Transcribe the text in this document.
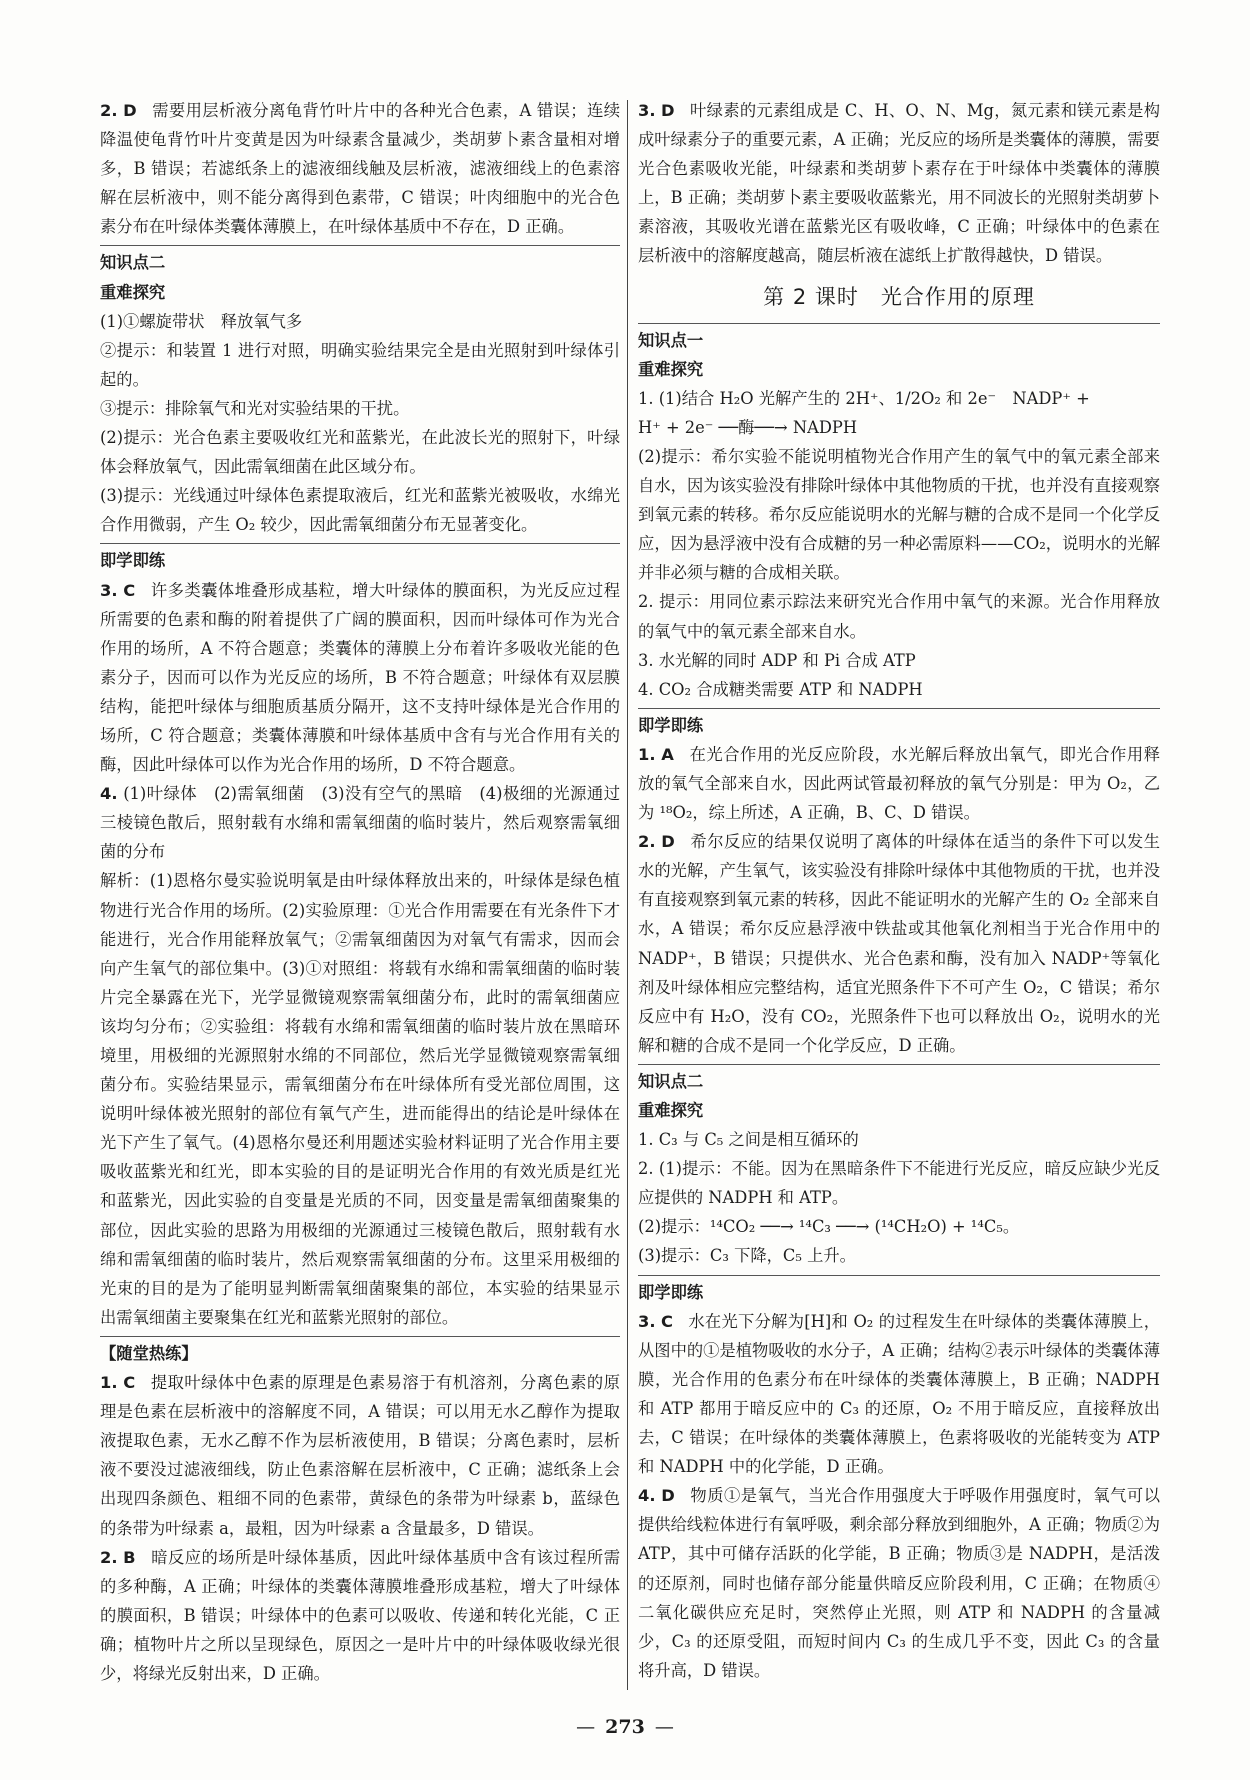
2. D 需要用层析液分离龟背竹叶片中的各种光合色素，A 错误；连续降温使龟背竹叶片变黄是因为叶绿素含量减少，类胡萝卜素含量相对增多，B 错误；若滤纸条上的滤液细线触及层析液，滤液细线上的色素溶解在层析液中，则不能分离得到色素带，C 错误；叶肉细胞中的光合色素分布在叶绿体类囊体薄膜上，在叶绿体基质中不存在，D 正确。

知识点二

重难探究

(1)①螺旋带状　释放氧气多

②提示：和装置 1 进行对照，明确实验结果完全是由光照射到叶绿体引起的。

③提示：排除氧气和光对实验结果的干扰。

(2)提示：光合色素主要吸收红光和蓝紫光，在此波长光的照射下，叶绿体会释放氧气，因此需氧细菌在此区域分布。

(3)提示：光线通过叶绿体色素提取液后，红光和蓝紫光被吸收，水绵光合作用微弱，产生 O₂ 较少，因此需氧细菌分布无显著变化。

即学即练

3. C 许多类囊体堆叠形成基粒，增大叶绿体的膜面积，为光反应过程所需要的色素和酶的附着提供了广阔的膜面积，因而叶绿体可作为光合作用的场所，A 不符合题意；类囊体的薄膜上分布着许多吸收光能的色素分子，因而可以作为光反应的场所，B 不符合题意；叶绿体有双层膜结构，能把叶绿体与细胞质基质分隔开，这不支持叶绿体是光合作用的场所，C 符合题意；类囊体薄膜和叶绿体基质中含有与光合作用有关的酶，因此叶绿体可以作为光合作用的场所，D 不符合题意。

4. (1)叶绿体　(2)需氧细菌　(3)没有空气的黑暗　(4)极细的光源通过三棱镜色散后，照射载有水绵和需氧细菌的临时装片，然后观察需氧细菌的分布

解析：(1)恩格尔曼实验说明氧是由叶绿体释放出来的，叶绿体是绿色植物进行光合作用的场所。(2)实验原理：①光合作用需要在有光条件下才能进行，光合作用能释放氧气；②需氧细菌因为对氧气有需求，因而会向产生氧气的部位集中。(3)①对照组：将载有水绵和需氧细菌的临时装片完全暴露在光下，光学显微镜观察需氧细菌分布，此时的需氧细菌应该均匀分布；②实验组：将载有水绵和需氧细菌的临时装片放在黑暗环境里，用极细的光源照射水绵的不同部位，然后光学显微镜观察需氧细菌分布。实验结果显示，需氧细菌分布在叶绿体所有受光部位周围，这说明叶绿体被光照射的部位有氧气产生，进而能得出的结论是叶绿体在光下产生了氧气。(4)恩格尔曼还利用题述实验材料证明了光合作用主要吸收蓝紫光和红光，即本实验的目的是证明光合作用的有效光质是红光和蓝紫光，因此实验的自变量是光质的不同，因变量是需氧细菌聚集的部位，因此实验的思路为用极细的光源通过三棱镜色散后，照射载有水绵和需氧细菌的临时装片，然后观察需氧细菌的分布。这里采用极细的光束的目的是为了能明显判断需氧细菌聚集的部位，本实验的结果显示出需氧细菌主要聚集在红光和蓝紫光照射的部位。

【随堂热练】

1. C 提取叶绿体中色素的原理是色素易溶于有机溶剂，分离色素的原理是色素在层析液中的溶解度不同，A 错误；可以用无水乙醇作为提取液提取色素，无水乙醇不作为层析液使用，B 错误；分离色素时，层析液不要没过滤液细线，防止色素溶解在层析液中，C 正确；滤纸条上会出现四条颜色、粗细不同的色素带，黄绿色的条带为叶绿素 b，蓝绿色的条带为叶绿素 a，最粗，因为叶绿素 a 含量最多，D 错误。

2. B 暗反应的场所是叶绿体基质，因此叶绿体基质中含有该过程所需的多种酶，A 正确；叶绿体的类囊体薄膜堆叠形成基粒，增大了叶绿体的膜面积，B 错误；叶绿体中的色素可以吸收、传递和转化光能，C 正确；植物叶片之所以呈现绿色，原因之一是叶片中的叶绿体吸收绿光很少，将绿光反射出来，D 正确。

3. D 叶绿素的元素组成是 C、H、O、N、Mg，氮元素和镁元素是构成叶绿素分子的重要元素，A 正确；光反应的场所是类囊体的薄膜，需要光合色素吸收光能，叶绿素和类胡萝卜素存在于叶绿体中类囊体的薄膜上，B 正确；类胡萝卜素主要吸收蓝紫光，用不同波长的光照射类胡萝卜素溶液，其吸收光谱在蓝紫光区有吸收峰，C 正确；叶绿体中的色素在层析液中的溶解度越高，随层析液在滤纸上扩散得越快，D 错误。

第 2 课时　光合作用的原理

知识点一

重难探究

1. (1)结合 H₂O 光解产生的 2H⁺、1/2O₂ 和 2e⁻　NADP⁺ +

H⁺ + 2e⁻ ──酶──→ NADPH

(2)提示：希尔实验不能说明植物光合作用产生的氧气中的氧元素全部来自水，因为该实验没有排除叶绿体中其他物质的干扰，也并没有直接观察到氧元素的转移。希尔反应能说明水的光解与糖的合成不是同一个化学反应，因为悬浮液中没有合成糖的另一种必需原料——CO₂，说明水的光解并非必须与糖的合成相关联。

2. 提示：用同位素示踪法来研究光合作用中氧气的来源。光合作用释放的氧气中的氧元素全部来自水。

3. 水光解的同时 ADP 和 Pi 合成 ATP

4. CO₂ 合成糖类需要 ATP 和 NADPH

即学即练

1. A 在光合作用的光反应阶段，水光解后释放出氧气，即光合作用释放的氧气全部来自水，因此两试管最初释放的氧气分别是：甲为 O₂，乙为 ¹⁸O₂，综上所述，A 正确，B、C、D 错误。

2. D 希尔反应的结果仅说明了离体的叶绿体在适当的条件下可以发生水的光解，产生氧气，该实验没有排除叶绿体中其他物质的干扰，也并没有直接观察到氧元素的转移，因此不能证明水的光解产生的 O₂ 全部来自水，A 错误；希尔反应悬浮液中铁盐或其他氧化剂相当于光合作用中的 NADP⁺，B 错误；只提供水、光合色素和酶，没有加入 NADP⁺等氧化剂及叶绿体相应完整结构，适宜光照条件下不可产生 O₂，C 错误；希尔反应中有 H₂O，没有 CO₂，光照条件下也可以释放出 O₂，说明水的光解和糖的合成不是同一个化学反应，D 正确。

知识点二

重难探究

1. C₃ 与 C₅ 之间是相互循环的

2. (1)提示：不能。因为在黑暗条件下不能进行光反应，暗反应缺少光反应提供的 NADPH 和 ATP。

(2)提示：¹⁴CO₂ ──→ ¹⁴C₃ ──→ (¹⁴CH₂O) + ¹⁴C₅。

(3)提示：C₃ 下降，C₅ 上升。

即学即练

3. C 水在光下分解为[H]和 O₂ 的过程发生在叶绿体的类囊体薄膜上，从图中的①是植物吸收的水分子，A 正确；结构②表示叶绿体的类囊体薄膜，光合作用的色素分布在叶绿体的类囊体薄膜上，B 正确；NADPH 和 ATP 都用于暗反应中的 C₃ 的还原，O₂ 不用于暗反应，直接释放出去，C 错误；在叶绿体的类囊体薄膜上，色素将吸收的光能转变为 ATP 和 NADPH 中的化学能，D 正确。

4. D 物质①是氧气，当光合作用强度大于呼吸作用强度时，氧气可以提供给线粒体进行有氧呼吸，剩余部分释放到细胞外，A 正确；物质②为 ATP，其中可储存活跃的化学能，B 正确；物质③是 NADPH，是活泼的还原剂，同时也储存部分能量供暗反应阶段利用，C 正确；在物质④二氧化碳供应充足时，突然停止光照，则 ATP 和 NADPH 的含量减少，C₃ 的还原受阻，而短时间内 C₃ 的生成几乎不变，因此 C₃ 的含量将升高，D 错误。

— 273 —
